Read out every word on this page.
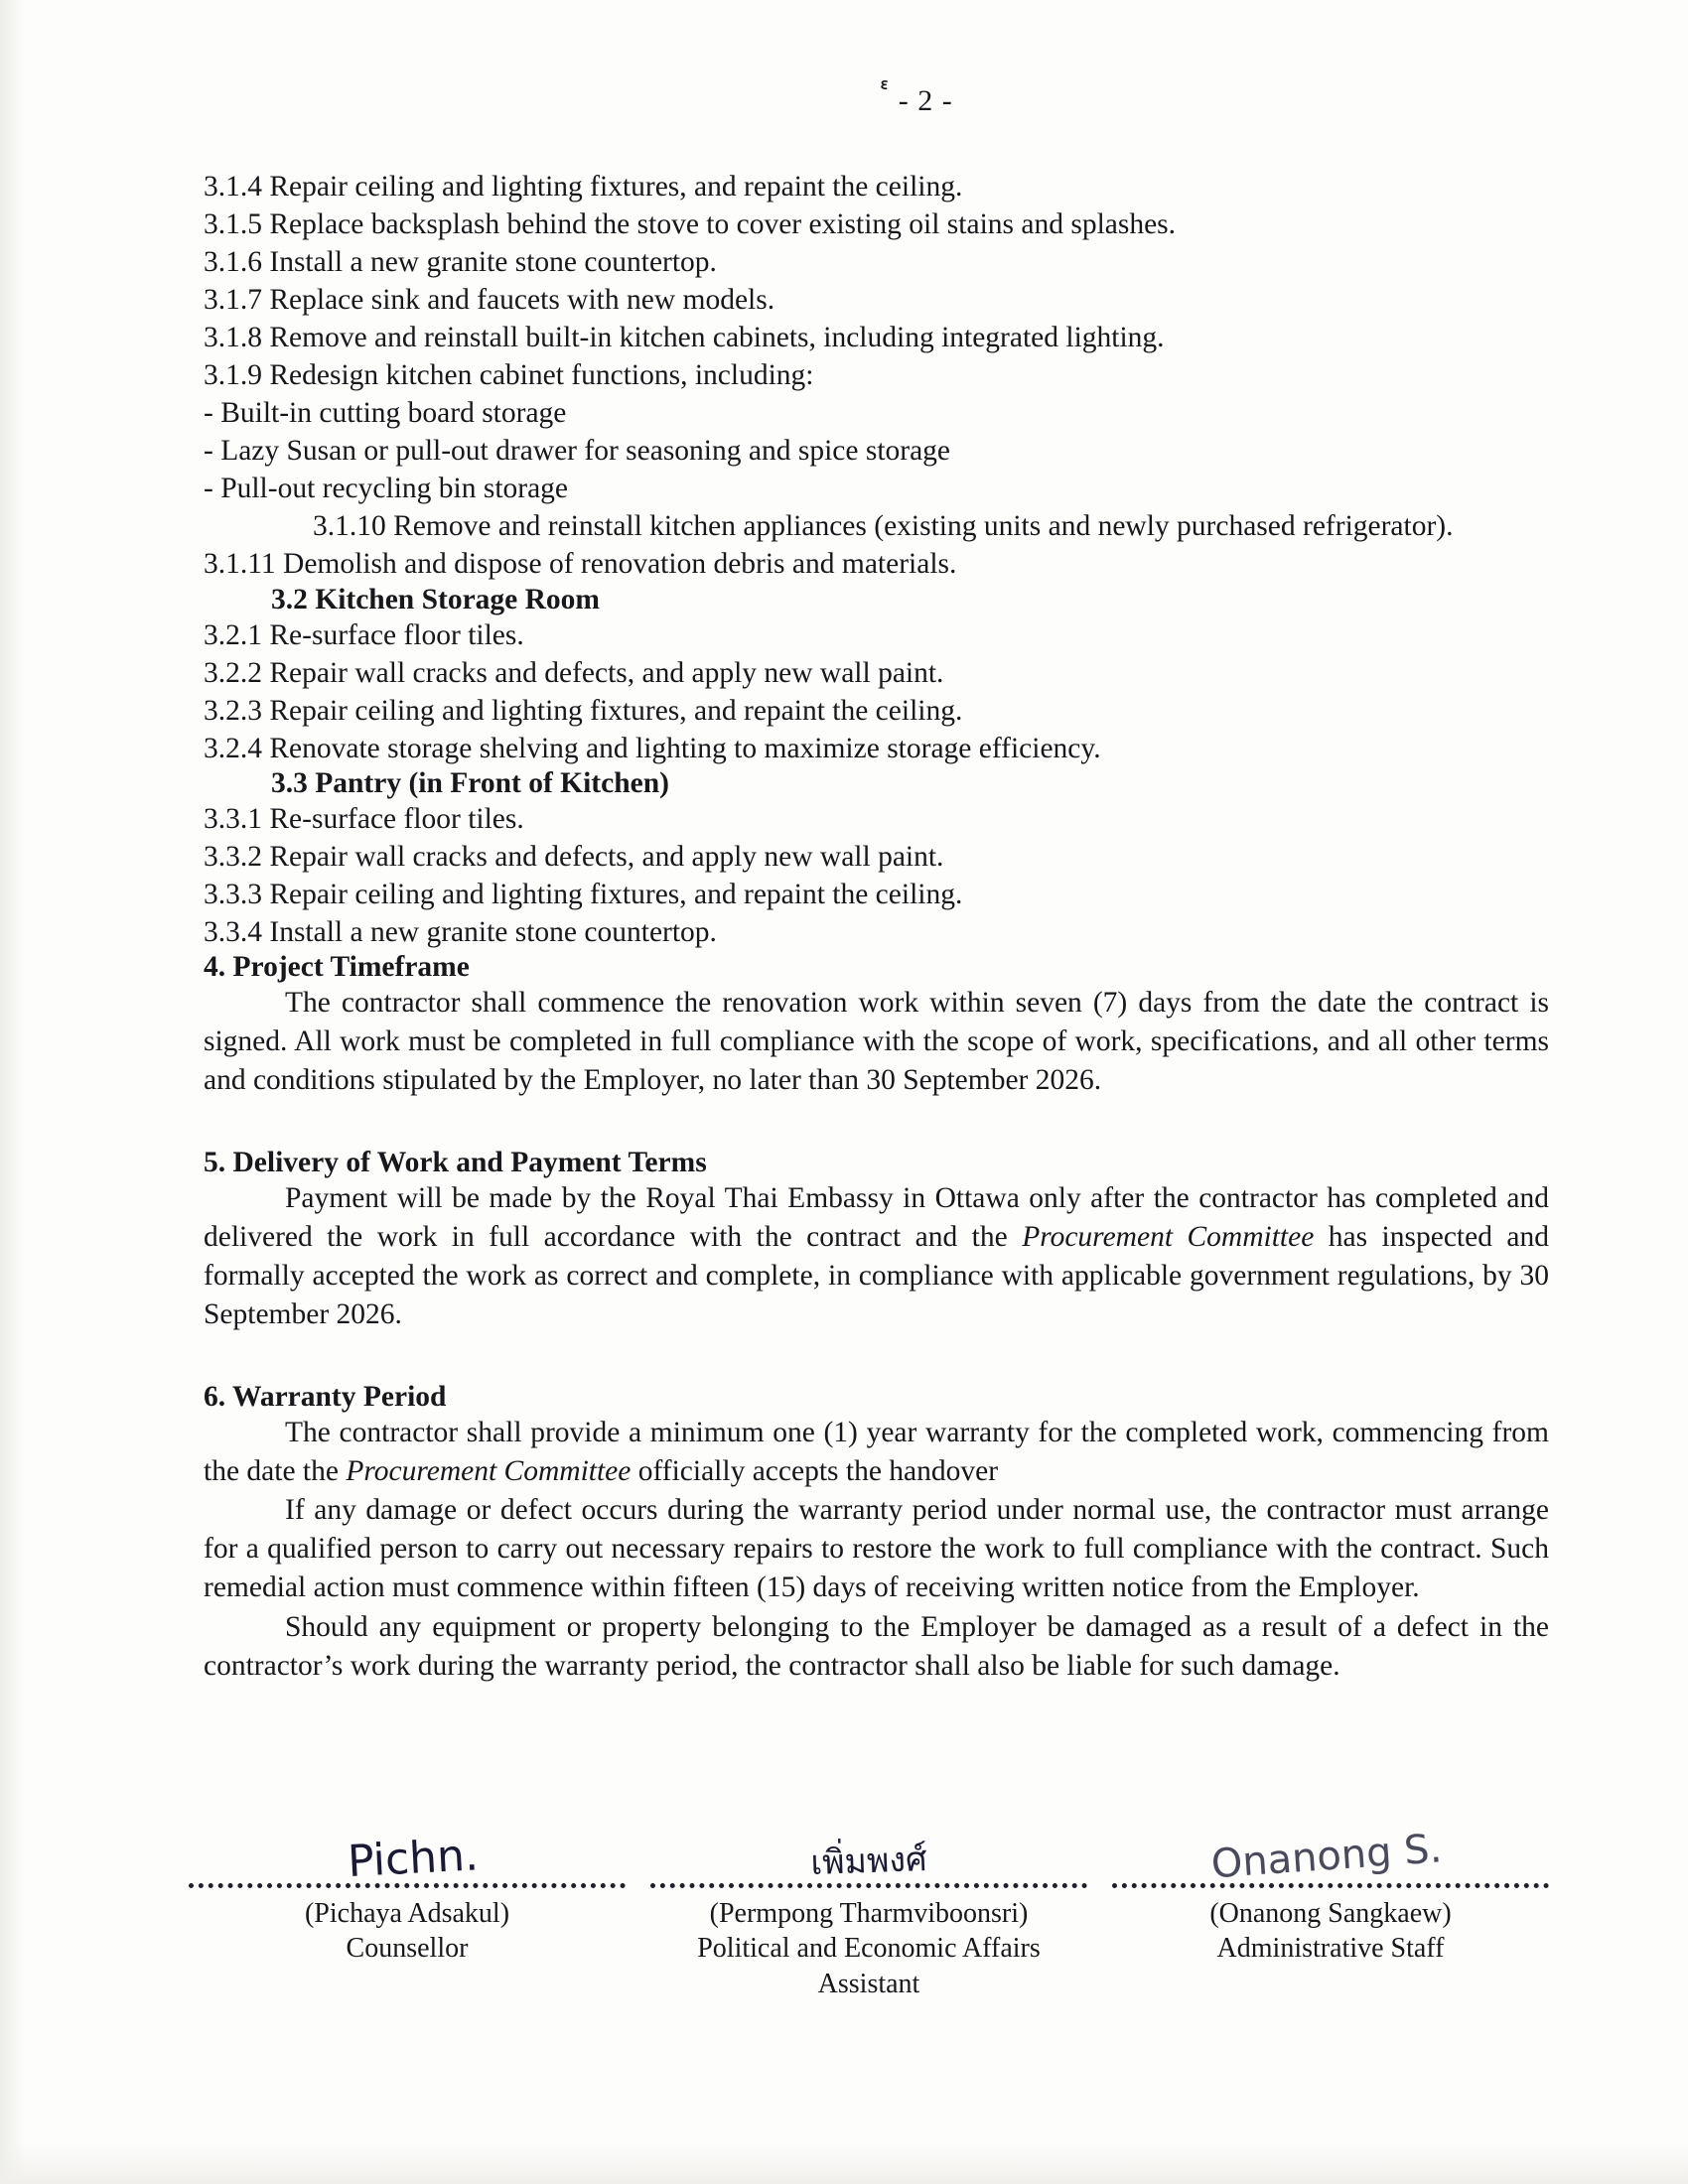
๎ - 2 -
3.1.4 Repair ceiling and lighting fixtures, and repaint the ceiling.
3.1.5 Replace backsplash behind the stove to cover existing oil stains and splashes.
3.1.6 Install a new granite stone countertop.
3.1.7 Replace sink and faucets with new models.
3.1.8 Remove and reinstall built-in kitchen cabinets, including integrated lighting.
3.1.9 Redesign kitchen cabinet functions, including:
- Built-in cutting board storage
- Lazy Susan or pull-out drawer for seasoning and spice storage
- Pull-out recycling bin storage
3.1.10 Remove and reinstall kitchen appliances (existing units and newly purchased refrigerator).
3.1.11 Demolish and dispose of renovation debris and materials.
3.2 Kitchen Storage Room
3.2.1 Re-surface floor tiles.
3.2.2 Repair wall cracks and defects, and apply new wall paint.
3.2.3 Repair ceiling and lighting fixtures, and repaint the ceiling.
3.2.4 Renovate storage shelving and lighting to maximize storage efficiency.
3.3 Pantry (in Front of Kitchen)
3.3.1 Re-surface floor tiles.
3.3.2 Repair wall cracks and defects, and apply new wall paint.
3.3.3 Repair ceiling and lighting fixtures, and repaint the ceiling.
3.3.4 Install a new granite stone countertop.
4. Project Timeframe

The contractor shall commence the renovation work within seven (7) days from the date the contract is signed. All work must be completed in full compliance with the scope of work, specifications, and all other terms and conditions stipulated by the Employer, no later than 30 September 2026.

5. Delivery of Work and Payment Terms

Payment will be made by the Royal Thai Embassy in Ottawa only after the contractor has completed and delivered the work in full accordance with the contract and the Procurement Committee has inspected and formally accepted the work as correct and complete, in compliance with applicable government regulations, by 30 September 2026.

6. Warranty Period

The contractor shall provide a minimum one (1) year warranty for the completed work, commencing from the date the Procurement Committee officially accepts the handover

If any damage or defect occurs during the warranty period under normal use, the contractor must arrange for a qualified person to carry out necessary repairs to restore the work to full compliance with the contract. Such remedial action must commence within fifteen (15) days of receiving written notice from the Employer.

Should any equipment or property belonging to the Employer be damaged as a result of a defect in the contractor’s work during the warranty period, the contractor shall also be liable for such damage.

Pichn.
(Pichaya Adsakul)
Counsellor
เพิ่มพงศ์
(Permpong Tharmviboonsri)
Political and Economic Affairs Assistant
Onanong S.
(Onanong Sangkaew)
Administrative Staff
